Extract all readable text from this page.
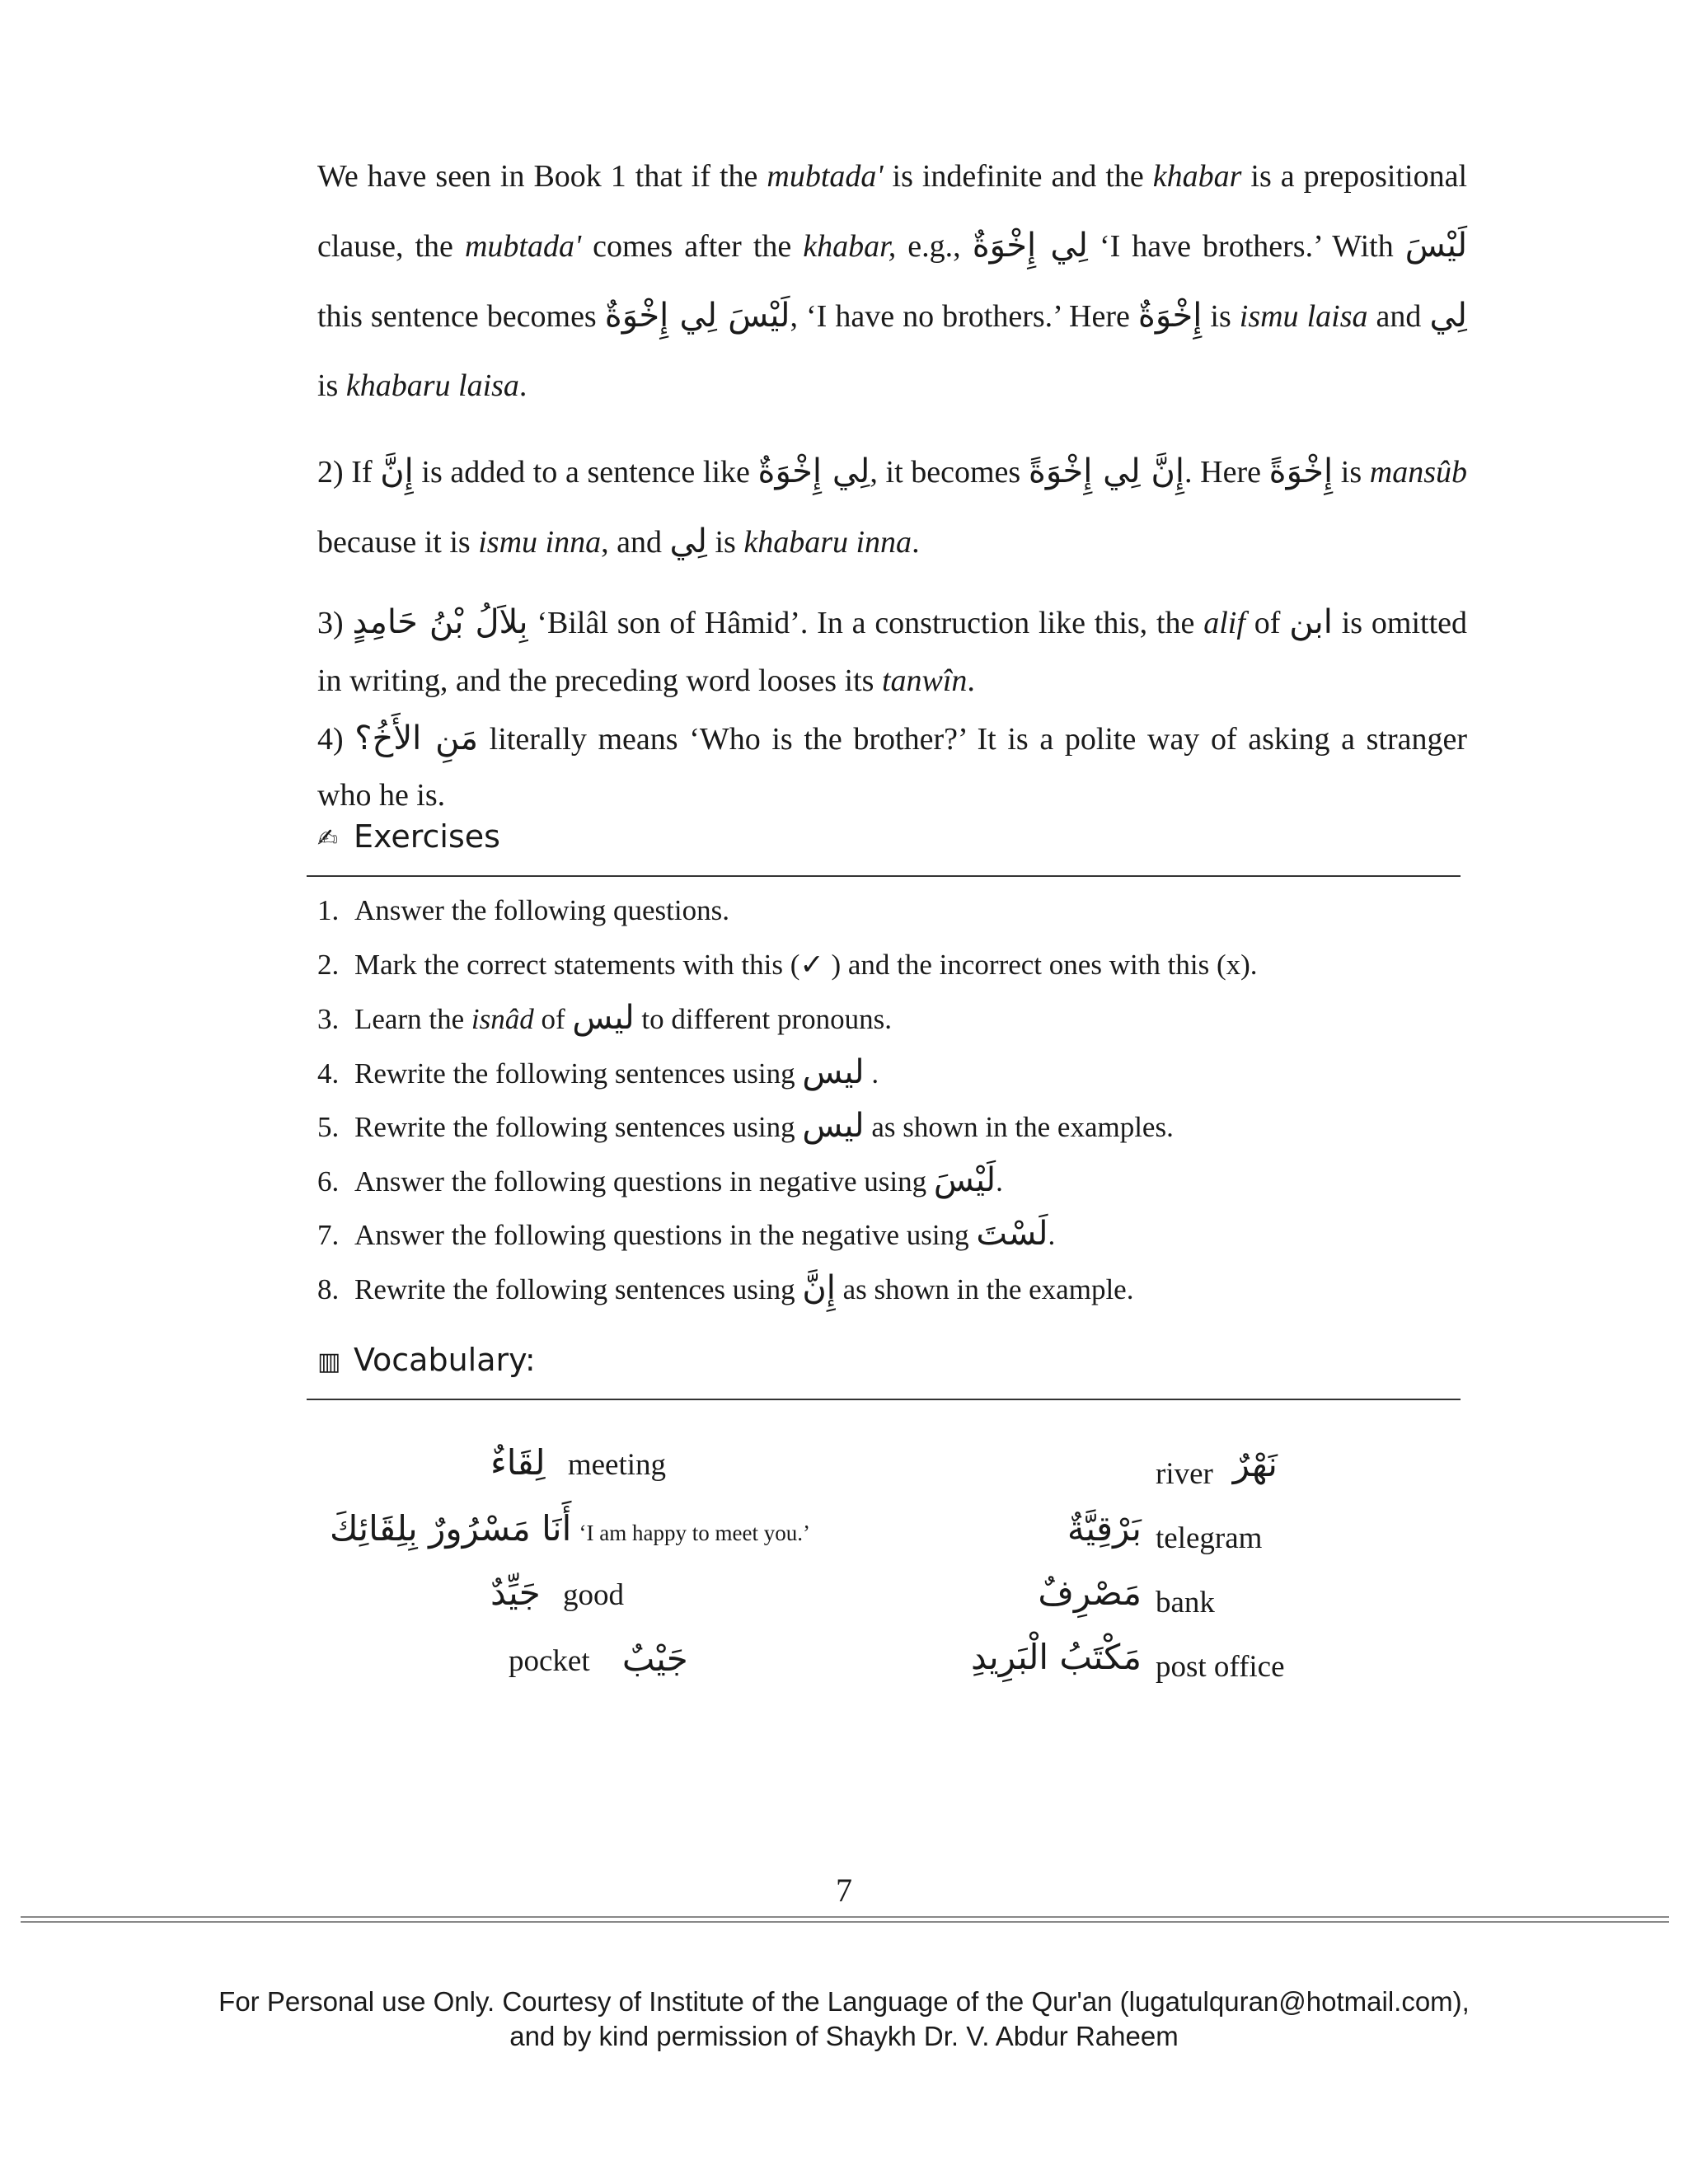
We have seen in Book 1 that if the mubtada' is indefinite and the khabar is a prepositional clause, the mubtada' comes after the khabar, e.g., لِي إِخْوَةٌ ‘I have brothers.’ With لَيْسَ this sentence becomes لَيْسَ لِي إِخْوَةٌ, ‘I have no brothers.’ Here إِخْوَةٌ is ismu laisa and لِي is khabaru laisa.

2) If إِنَّ is added to a sentence like لِي إِخْوَةٌ, it becomes إِنَّ لِي إِخْوَةً. Here إِخْوَةً is mansûb because it is ismu inna, and لِي is khabaru inna.

3) بِلاَلُ بْنُ حَامِدٍ ‘Bilâl son of Hâmid’. In a construction like this, the alif of ابن is omitted in writing, and the preceding word looses its tanwîn.

4) مَنِ الأَخُ؟ literally means ‘Who is the brother?’ It is a polite way of asking a stranger who he is.

✍ Exercises
1. Answer the following questions.
2. Mark the correct statements with this (✓ ) and the incorrect ones with this (x).
3. Learn the isnâd of ليس to different pronouns.
4. Rewrite the following sentences using ليس .
5. Rewrite the following sentences using ليس as shown in the examples.
6. Answer the following questions in negative using لَيْسَ.
7. Answer the following questions in the negative using لَسْتَ.
8. Rewrite the following sentences using إِنَّ as shown in the example.
▥ Vocabulary:
لِقَاءٌ meeting
أَنَا مَسْرُورٌ بِلِقَائِكَ ‘I am happy to meet you.’
جَيِّدٌ good
pocket جَيْبٌ
نَهْرٌ
river
بَرْقِيَّةٌ telegram
مَصْرِفٌ bank
مَكْتَبُ الْبَرِيدِ post office
7
For Personal use Only. Courtesy of Institute of the Language of the Qur'an (lugatulquran@hotmail.com),
and by kind permission of Shaykh Dr. V. Abdur Raheem
